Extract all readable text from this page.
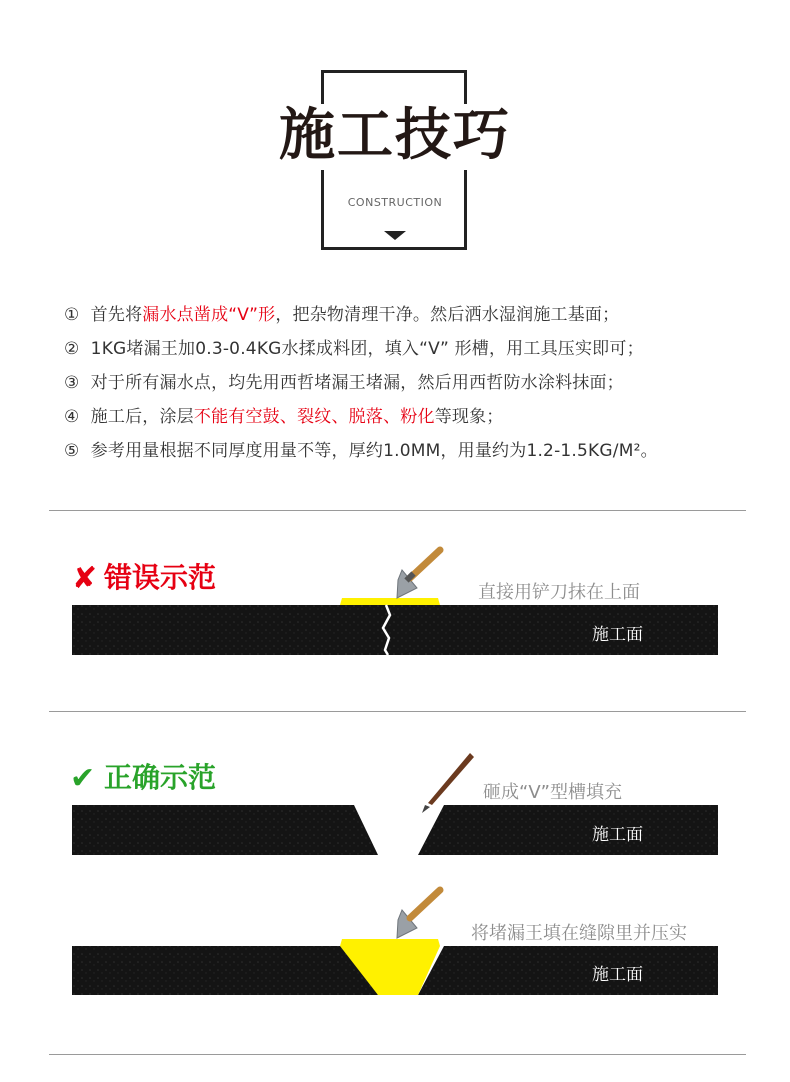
施工技巧
CONSTRUCTION
① 首先将漏水点凿成“V”形，把杂物清理干净。然后洒水湿润施工基面；
② 1KG堵漏王加0.3-0.4KG水揉成料团，填入“V” 形槽，用工具压实即可；
③ 对于所有漏水点，均先用西哲堵漏王堵漏，然后用西哲防水涂料抹面；
④ 施工后，涂层不能有空鼓、裂纹、脱落、粉化等现象；
⑤ 参考用量根据不同厚度用量不等，厚约1.0MM，用量约为1.2-1.5KG/M²。
✘ 错误示范	直接用铲刀抹在上面
施工面
✔ 正确示范	砸成“V”型槽填充
施工面
将堵漏王填在缝隙里并压实
施工面
